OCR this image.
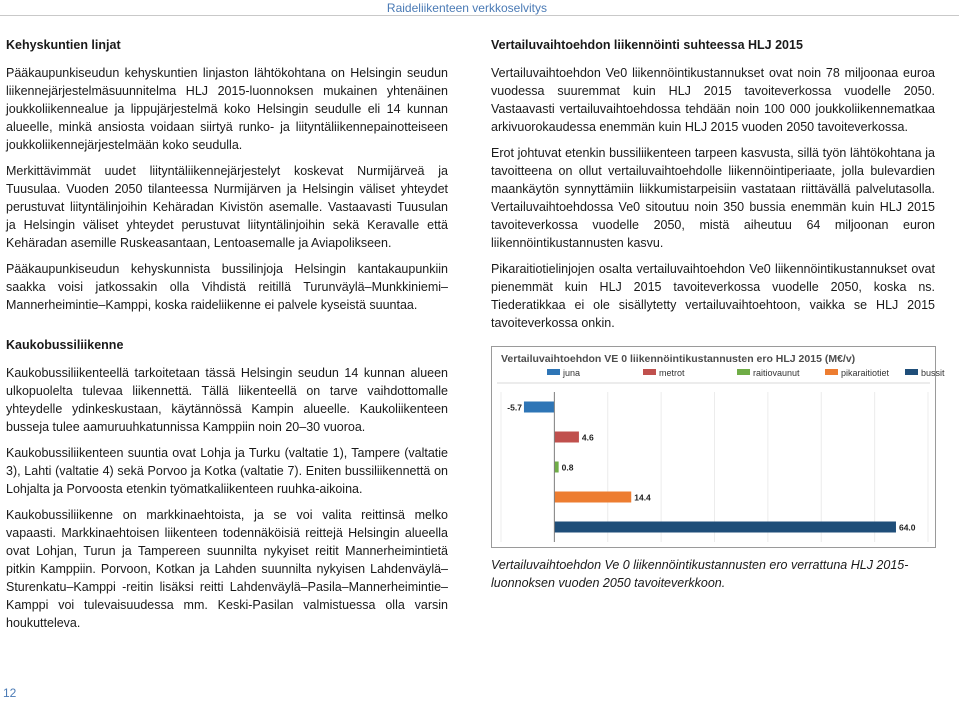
Raideliikenteen verkkoselvitys
Kehyskuntien linjat

Pääkaupunkiseudun kehyskuntien linjaston lähtökohtana on Helsingin seudun liikennejärjestelmäsuunnitelma HLJ 2015-luonnoksen mukainen yhtenäinen joukkoliikennealue ja lippujärjestelmä koko Helsingin seudulle eli 14 kunnan alueelle, minkä ansiosta voidaan siirtyä runko- ja liityntäliikennepainotteiseen joukkoliikennejärjestelmään koko seudulla.

Merkittävimmät uudet liityntäliikennejärjestelyt koskevat Nurmijärveä ja Tuusulaa. Vuoden 2050 tilanteessa Nurmijärven ja Helsingin väliset yhteydet perustuvat liityntälinjoihin Kehäradan Kivistön asemalle. Vastaavasti Tuusulan ja Helsingin väliset yhteydet perustuvat liityntälinjoihin sekä Keravalle että Kehäradan asemille Ruskeasantaan, Lentoasemalle ja Aviapolikseen.

Pääkaupunkiseudun kehyskunnista bussilinjoja Helsingin kantakaupunkiin saakka voisi jatkossakin olla Vihdistä reitillä Turunväylä–Munkkiniemi–Mannerheimintie–Kamppi, koska raideliikenne ei palvele kyseistä suuntaa.

Kaukobussiliikenne

Kaukobussiliikenteellä tarkoitetaan tässä Helsingin seudun 14 kunnan alueen ulkopuolelta tulevaa liikennettä. Tällä liikenteellä on tarve vaihdottomalle yhteydelle ydinkeskustaan, käytännössä Kampin alueelle. Kaukoliikenteen busseja tulee aamuruuhkatunnissa Kamppiin noin 20–30 vuoroa.

Kaukobussiliikenteen suuntia ovat Lohja ja Turku (valtatie 1), Tampere (valtatie 3), Lahti (valtatie 4) sekä Porvoo ja Kotka (valtatie 7). Eniten bussiliikennettä on Lohjalta ja Porvoosta etenkin työmatkaliikenteen ruuhka-aikoina.

Kaukobussiliikenne on markkinaehtoista, ja se voi valita reittinsä melko vapaasti. Markkinaehtoisen liikenteen todennäköisiä reittejä Helsingin alueella ovat Lohjan, Turun ja Tampereen suunnilta nykyiset reitit Mannerheimintietä pitkin Kamppiin. Porvoon, Kotkan ja Lahden suunnilta nykyisen Lahdenväylä–Sturenkatu–Kamppi -reitin lisäksi reitti Lahdenväylä–Pasila–Mannerheimintie–Kamppi voi tulevaisuudessa mm. Keski-Pasilan valmistuessa olla varsin houkutteleva.

Vertailuvaihtoehdon liikennöinti suhteessa HLJ 2015

Vertailuvaihtoehdon Ve0 liikennöintikustannukset ovat noin 78 miljoonaa euroa vuodessa suuremmat kuin HLJ 2015 tavoiteverkossa vuodelle 2050. Vastaavasti vertailuvaihtoehdossa tehdään noin 100 000 joukkoliikennematkaa arkivuorokaudessa enemmän kuin HLJ 2015 vuoden 2050 tavoiteverkossa.

Erot johtuvat etenkin bussiliikenteen tarpeen kasvusta, sillä työn lähtökohtana ja tavoitteena on ollut vertailuvaihtoehdolle liikennöintiperiaate, jolla bulevardien maankäytön synnyttämiin liikkumistarpeisiin vastataan riittävällä palvelutasolla. Vertailuvaihtoehdossa Ve0 sitoutuu noin 350 bussia enemmän kuin HLJ 2015 tavoiteverkossa vuodelle 2050, mistä aiheutuu 64 miljoonan euron liikennöintikustannusten kasvu.

Pikaraitiotielinjojen osalta vertailuvaihtoehdon Ve0 liikennöintikustannukset ovat pienemmät kuin HLJ 2015 tavoiteverkossa vuodelle 2050, koska ns. Tiederatikkaa ei ole sisällytetty vertailuvaihtoehtoon, vaikka se HLJ 2015 tavoiteverkossa onkin.

Vertailuvaihtoehdon VE 0 liikennöintikustannusten ero HLJ 2015 (M€/v)
juna	metrot	raitiovaunut	pikaraitiotiet	bussit
-5.7
4.6
0.8
14.4
64.0

Vertailuvaihtoehdon Ve 0 liikennöintikustannusten ero verrattuna HLJ 2015-luonnoksen vuoden 2050 tavoiteverkkoon.

12
